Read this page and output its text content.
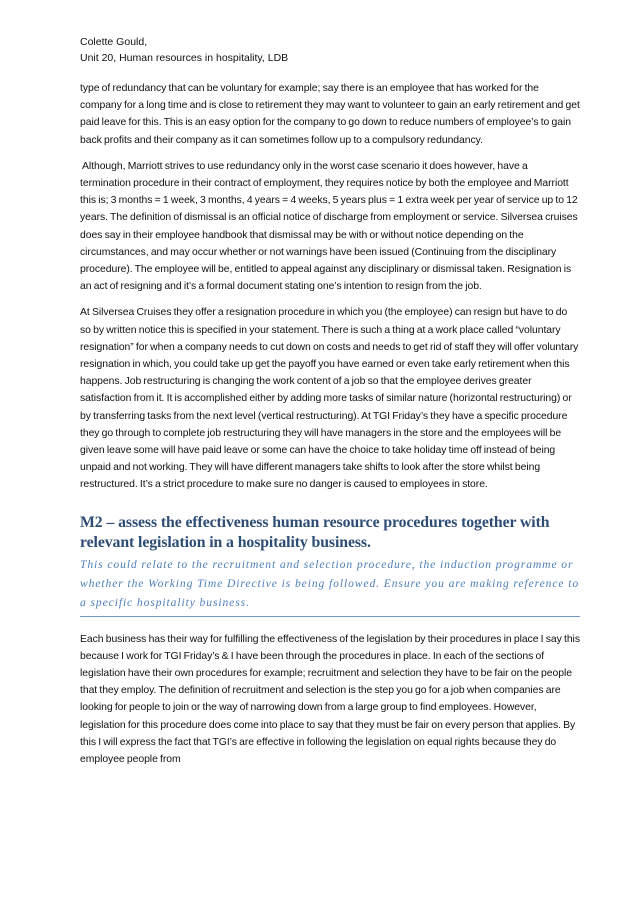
Colette Gould,
Unit 20, Human resources in hospitality, LDB

type of redundancy that can be voluntary for example; say there is an employee that has worked for the company for a long time and is close to retirement they may want to volunteer to gain an early retirement and get paid leave for this. This is an easy option for the company to go down to reduce numbers of employee’s to gain back profits and their company as it can sometimes follow up to a compulsory redundancy.

Although, Marriott strives to use redundancy only in the worst case scenario it does however, have a termination procedure in their contract of employment, they requires notice by both the employee and Marriott this is; 3 months = 1 week, 3 months, 4 years = 4 weeks, 5 years plus = 1 extra week per year of service up to 12 years. The definition of dismissal is an official notice of discharge from employment or service. Silversea cruises does say in their employee handbook that dismissal may be with or without notice depending on the circumstances, and may occur whether or not warnings have been issued (Continuing from the disciplinary procedure). The employee will be, entitled to appeal against any disciplinary or dismissal taken. Resignation is an act of resigning and it’s a formal document stating one’s intention to resign from the job.

At Silversea Cruises they offer a resignation procedure in which you (the employee) can resign but have to do so by written notice this is specified in your statement. There is such a thing at a work place called “voluntary resignation” for when a company needs to cut down on costs and needs to get rid of staff they will offer voluntary resignation in which, you could take up get the payoff you have earned or even take early retirement when this happens. Job restructuring is changing the work content of a job so that the employee derives greater satisfaction from it. It is accomplished either by adding more tasks of similar nature (horizontal restructuring) or by transferring tasks from the next level (vertical restructuring). At TGI Friday’s they have a specific procedure they go through to complete job restructuring they will have managers in the store and the employees will be given leave some will have paid leave or some can have the choice to take holiday time off instead of being unpaid and not working. They will have different managers take shifts to look after the store whilst being restructured. It’s a strict procedure to make sure no danger is caused to employees in store.

M2 – assess the effectiveness human resource procedures together with relevant legislation in a hospitality business.

This could relate to the recruitment and selection procedure, the induction programme or whether the Working Time Directive is being followed. Ensure you are making reference to a specific hospitality business.

Each business has their way for fulfilling the effectiveness of the legislation by their procedures in place I say this because I work for TGI Friday’s & I have been through the procedures in place. In each of the sections of legislation have their own procedures for example; recruitment and selection they have to be fair on the people that they employ. The definition of recruitment and selection is the step you go for a job when companies are looking for people to join or the way of narrowing down from a large group to find employees. However, legislation for this procedure does come into place to say that they must be fair on every person that applies. By this I will express the fact that TGI’s are effective in following the legislation on equal rights because they do employee people from
